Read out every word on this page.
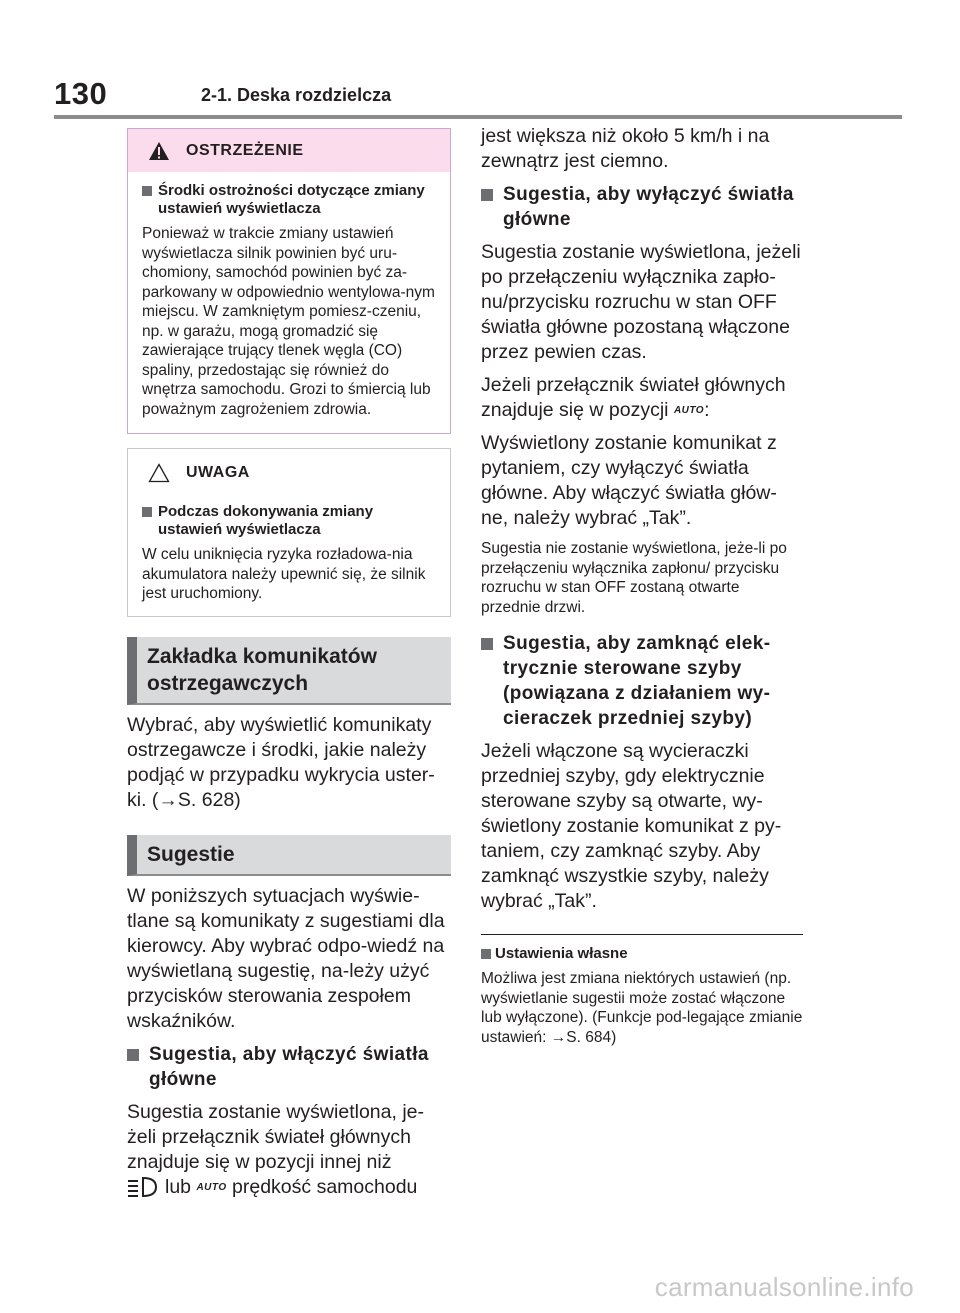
130	2-1. Deska rozdzielcza
OSTRZEŻENIE
Środki ostrożności dotyczące zmiany ustawień wyświetlacza
Ponieważ w trakcie zmiany ustawień wyświetlacza silnik powinien być uru-chomiony, samochód powinien być za-parkowany w odpowiednio wentylowa-nym miejscu. W zamkniętym pomiesz-czeniu, np. w garażu, mogą gromadzić się zawierające trujący tlenek węgla (CO) spaliny, przedostając się również do wnętrza samochodu. Grozi to śmiercią lub poważnym zagrożeniem zdrowia.
UWAGA
Podczas dokonywania zmiany ustawień wyświetlacza
W celu uniknięcia ryzyka rozładowa-nia akumulatora należy upewnić się, że silnik jest uruchomiony.
Zakładka komunikatów ostrzegawczych
Wybrać, aby wyświetlić komunikaty ostrzegawcze i środki, jakie należy podjąć w przypadku wykrycia uster-ki. (→S. 628)
Sugestie
W poniższych sytuacjach wyświe-tlane są komunikaty z sugestiami dla kierowcy. Aby wybrać odpo-wiedź na wyświetlaną sugestię, na-leży użyć przycisków sterowania zespołem wskaźników.
Sugestia, aby włączyć światła główne
Sugestia zostanie wyświetlona, je-żeli przełącznik świateł głównych znajduje się w pozycji innej niż
lub AUTO prędkość samochodu
jest większa niż około 5 km/h i na zewnątrz jest ciemno.
Sugestia, aby wyłączyć światła główne
Sugestia zostanie wyświetlona, jeżeli po przełączeniu wyłącznika zapło-nu/przycisku rozruchu w stan OFF światła główne pozostaną włączone przez pewien czas.
Jeżeli przełącznik świateł głównych znajduje się w pozycji AUTO:
Wyświetlony zostanie komunikat z pytaniem, czy wyłączyć światła główne. Aby włączyć światła głów-ne, należy wybrać „Tak”.
Sugestia nie zostanie wyświetlona, jeże-li po przełączeniu wyłącznika zapłonu/ przycisku rozruchu w stan OFF zostaną otwarte przednie drzwi.
Sugestia, aby zamknąć elek-trycznie sterowane szyby (powiązana z działaniem wy-cieraczek przedniej szyby)
Jeżeli włączone są wycieraczki przedniej szyby, gdy elektrycznie sterowane szyby są otwarte, wy-świetlony zostanie komunikat z py-taniem, czy zamknąć szyby. Aby zamknąć wszystkie szyby, należy wybrać „Tak”.
Ustawienia własne
Możliwa jest zmiana niektórych ustawień (np. wyświetlanie sugestii może zostać włączone lub wyłączone). (Funkcje pod-legające zmianie ustawień: →S. 684)
carmanualsonline.info
